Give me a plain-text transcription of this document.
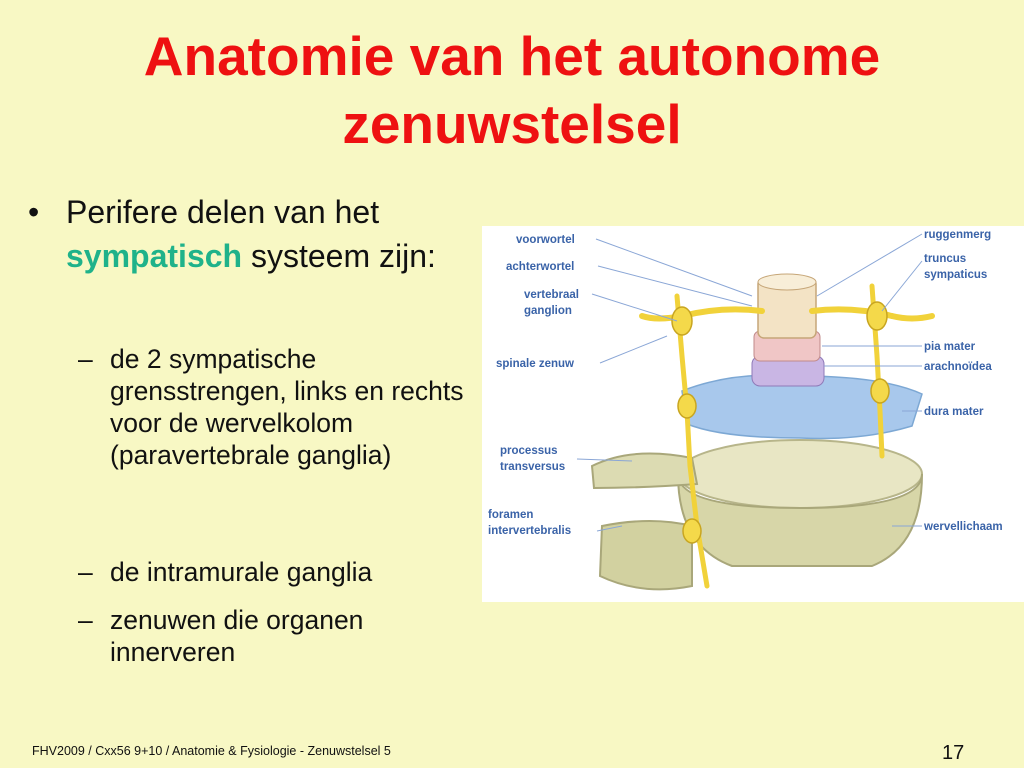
Anatomie van het autonome
zenuwstelsel
• Perifere delen van het
sympatisch systeem zijn:
– de 2 sympatische grensstrengen, links en rechts voor de wervelkolom (paravertebrale ganglia)
– de intramurale ganglia
– zenuwen die organen innerveren
voorwortel
achterwortel
vertebraal
ganglion
spinale zenuw
processus
transversus
foramen
intervertebralis
ruggenmerg
truncus
sympaticus
pia mater
arachnoïdea
dura mater
wervellichaam
FHV2009 / Cxx56 9+10 / Anatomie & Fysiologie - Zenuwstelsel 5	17
